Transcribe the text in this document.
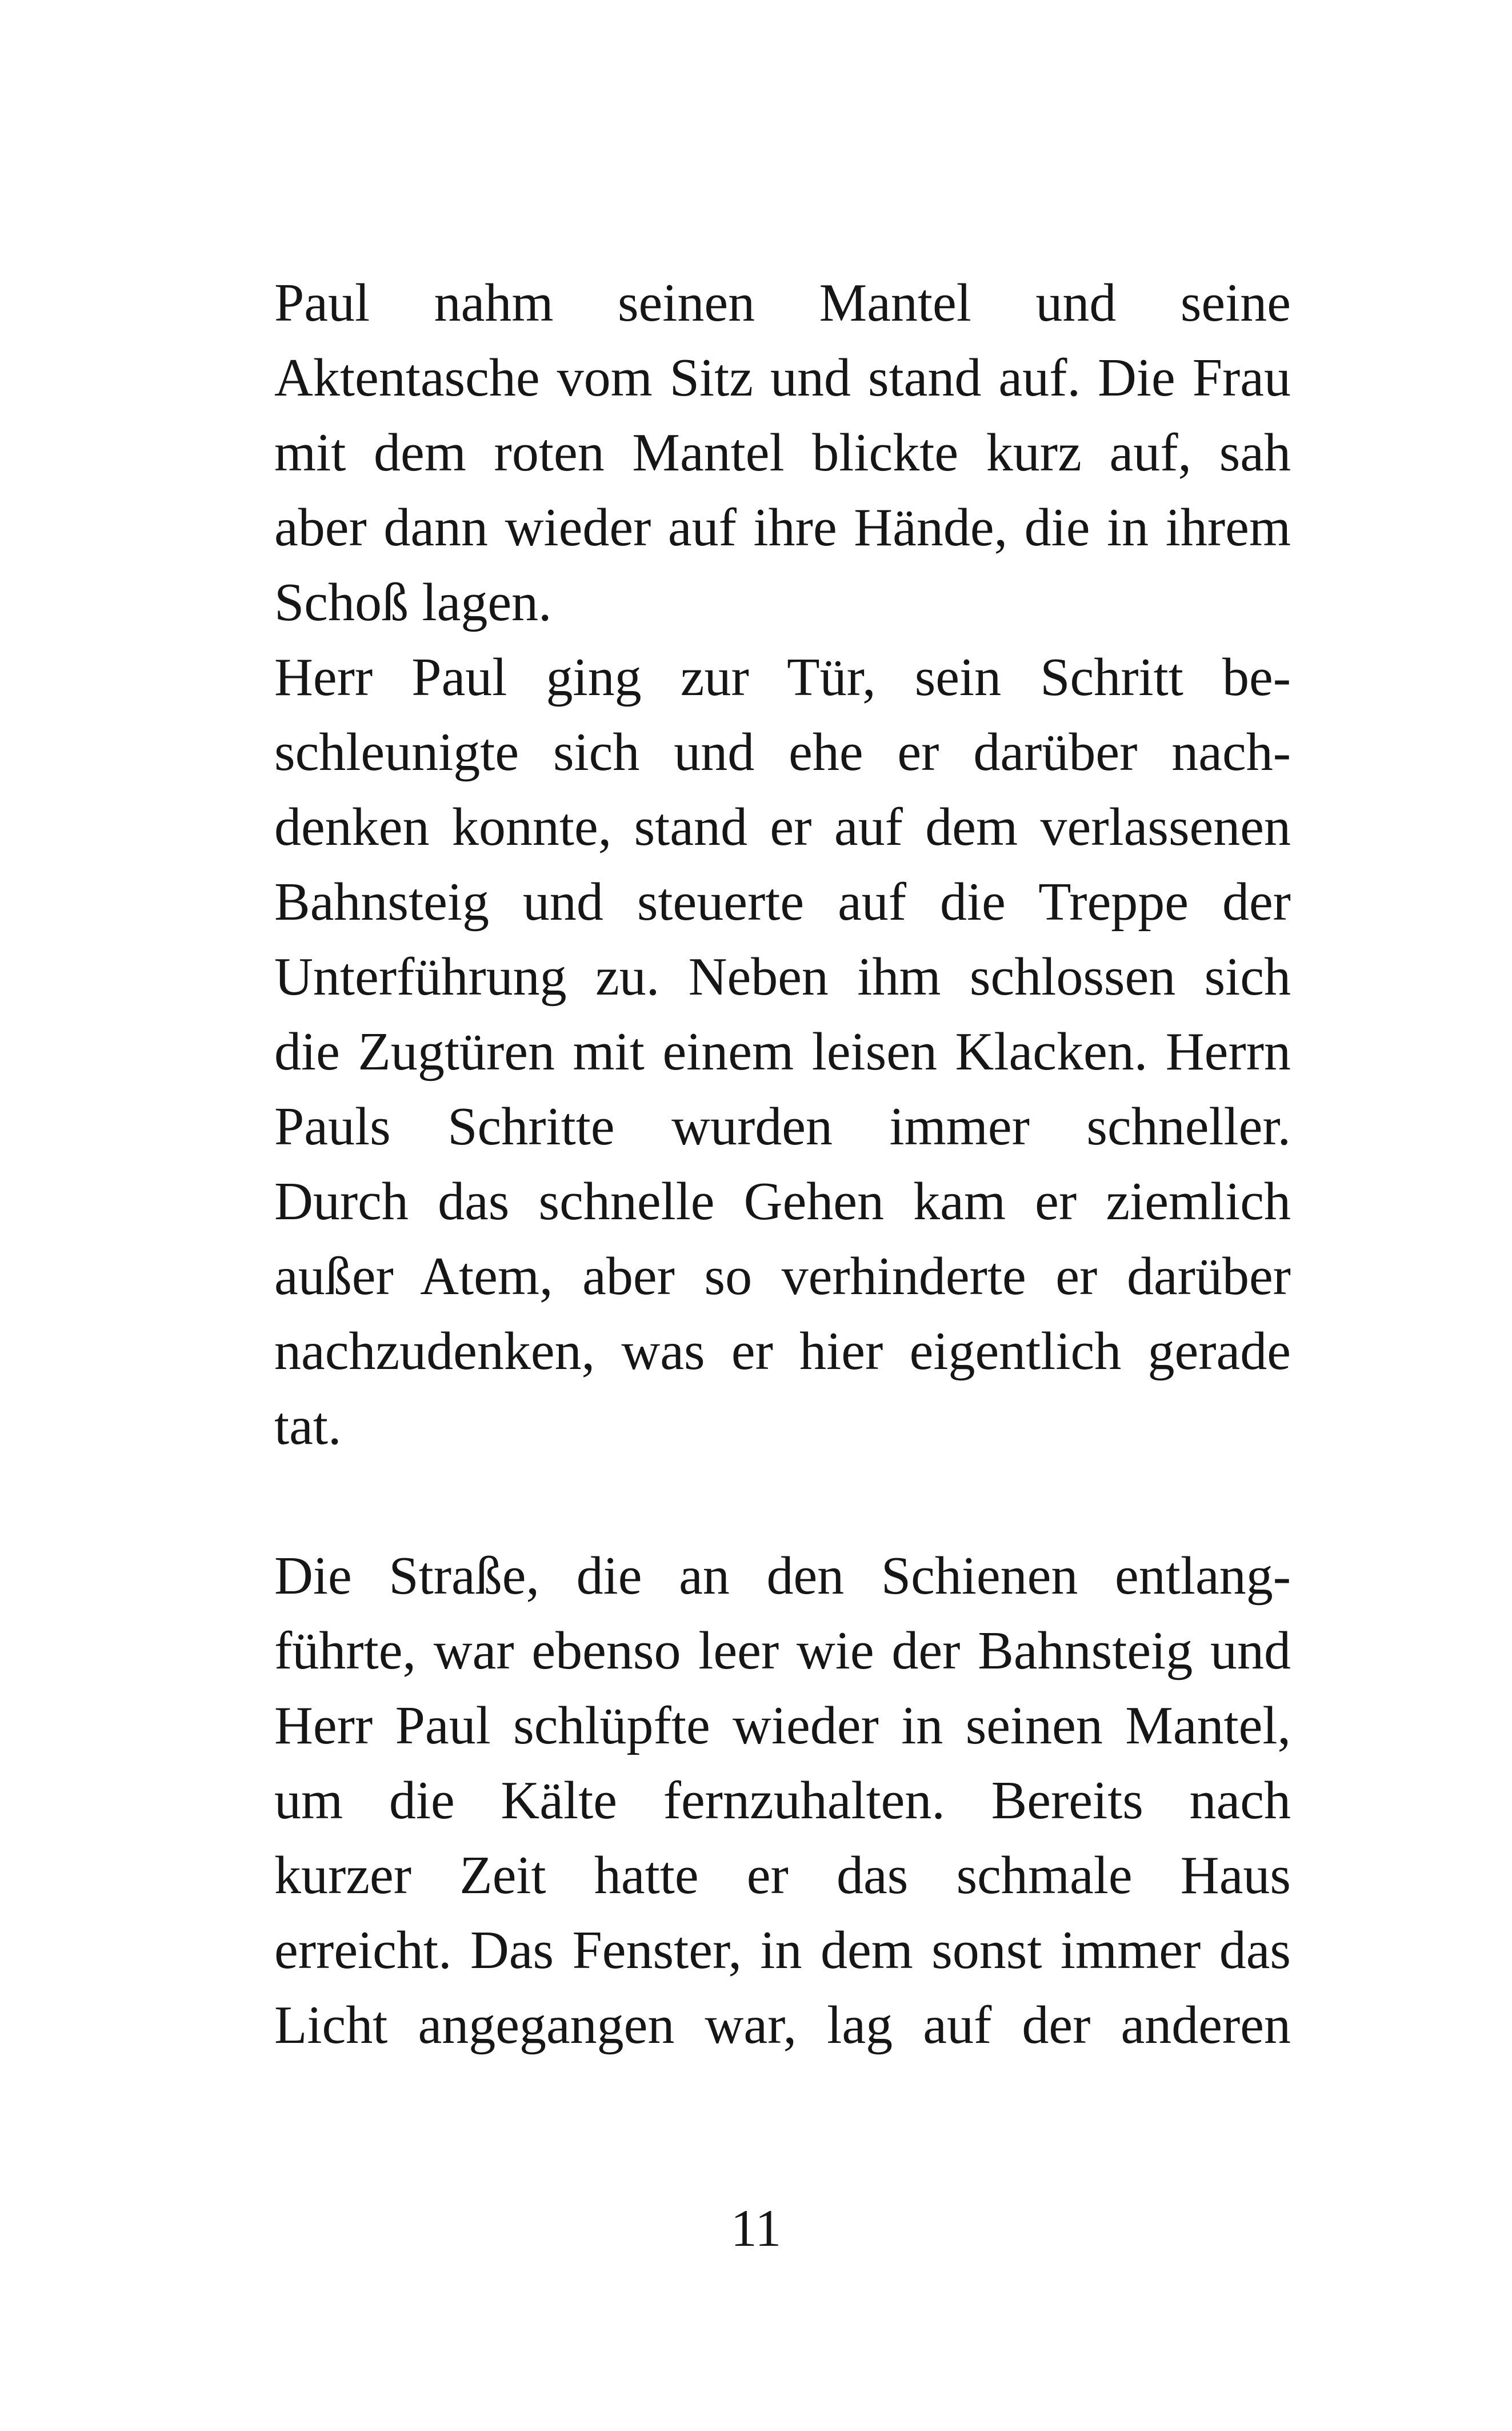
Paul nahm seinen Mantel und seine
Aktentasche vom Sitz und stand auf. Die Frau
mit dem roten Mantel blickte kurz auf, sah
aber dann wieder auf ihre Hände, die in ihrem
Schoß lagen.
Herr Paul ging zur Tür, sein Schritt be-
schleunigte sich und ehe er darüber nach-
denken konnte, stand er auf dem verlassenen
Bahnsteig und steuerte auf die Treppe der
Unterführung zu. Neben ihm schlossen sich
die Zugtüren mit einem leisen Klacken. Herrn
Pauls Schritte wurden immer schneller.
Durch das schnelle Gehen kam er ziemlich
außer Atem, aber so verhinderte er darüber
nachzudenken, was er hier eigentlich gerade
tat.
Die Straße, die an den Schienen entlang-
führte, war ebenso leer wie der Bahnsteig und
Herr Paul schlüpfte wieder in seinen Mantel,
um die Kälte fernzuhalten. Bereits nach
kurzer Zeit hatte er das schmale Haus
erreicht. Das Fenster, in dem sonst immer das
Licht angegangen war, lag auf der anderen
11
